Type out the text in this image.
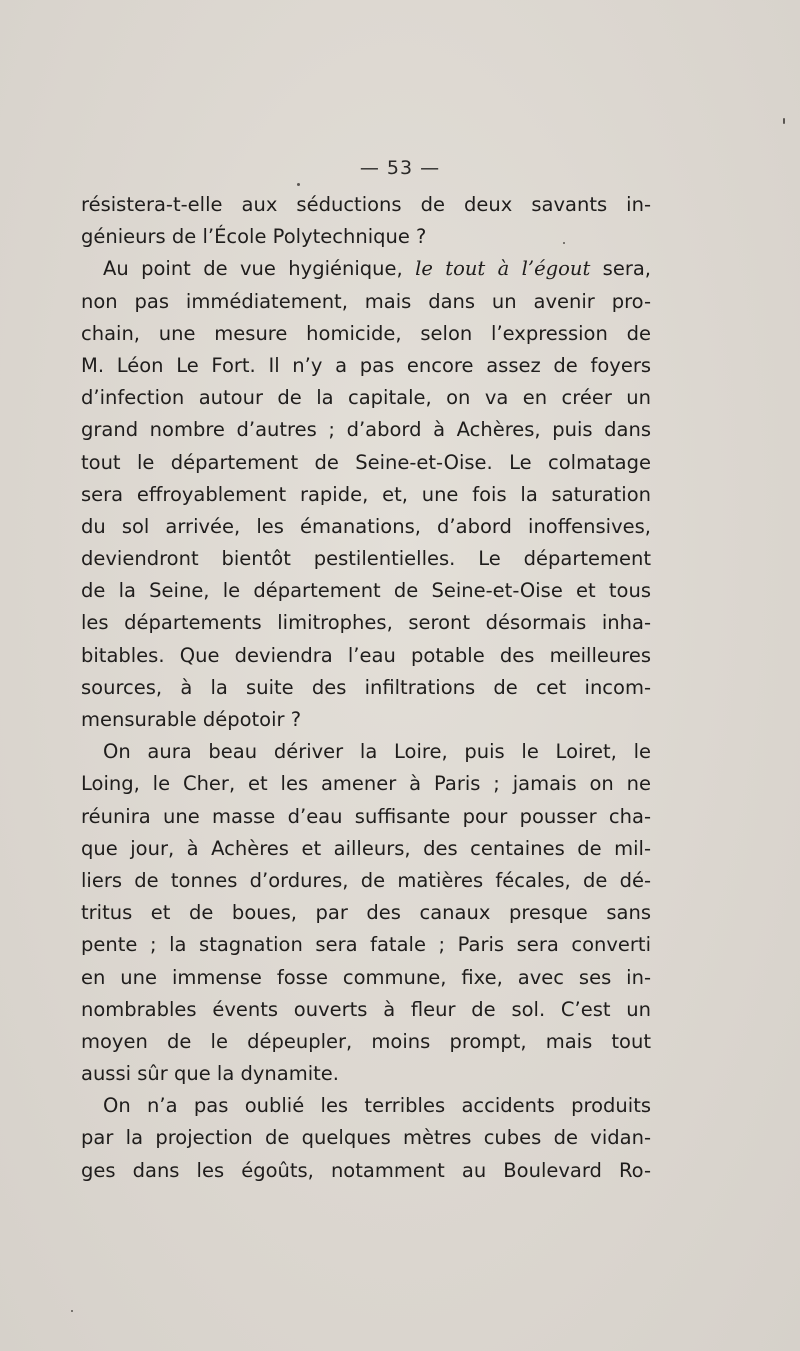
— 53 —
résistera-t-elle aux séductions de deux savants in-
génieurs de l’École Polytechnique ?
Au point de vue hygiénique, le tout à l’égout sera,
non pas immédiatement, mais dans un avenir pro-
chain, une mesure homicide, selon l’expression de
M. Léon Le Fort. Il n’y a pas encore assez de foyers
d’infection autour de la capitale, on va en créer un
grand nombre d’autres ; d’abord à Achères, puis dans
tout le département de Seine-et-Oise. Le colmatage
sera effroyablement rapide, et, une fois la saturation
du sol arrivée, les émanations, d’abord inoffensives,
deviendront bientôt pestilentielles. Le département
de la Seine, le département de Seine-et-Oise et tous
les départements limitrophes, seront désormais inha-
bitables. Que deviendra l’eau potable des meilleures
sources, à la suite des infiltrations de cet incom-
mensurable dépotoir ?
On aura beau dériver la Loire, puis le Loiret, le
Loing, le Cher, et les amener à Paris ; jamais on ne
réunira une masse d’eau suffisante pour pousser cha-
que jour, à Achères et ailleurs, des centaines de mil-
liers de tonnes d’ordures, de matières fécales, de dé-
tritus et de boues, par des canaux presque sans
pente ; la stagnation sera fatale ; Paris sera converti
en une immense fosse commune, fixe, avec ses in-
nombrables évents ouverts à fleur de sol. C’est un
moyen de le dépeupler, moins prompt, mais tout
aussi sûr que la dynamite.
On n’a pas oublié les terribles accidents produits
par la projection de quelques mètres cubes de vidan-
ges dans les égoûts, notamment au Boulevard Ro-
